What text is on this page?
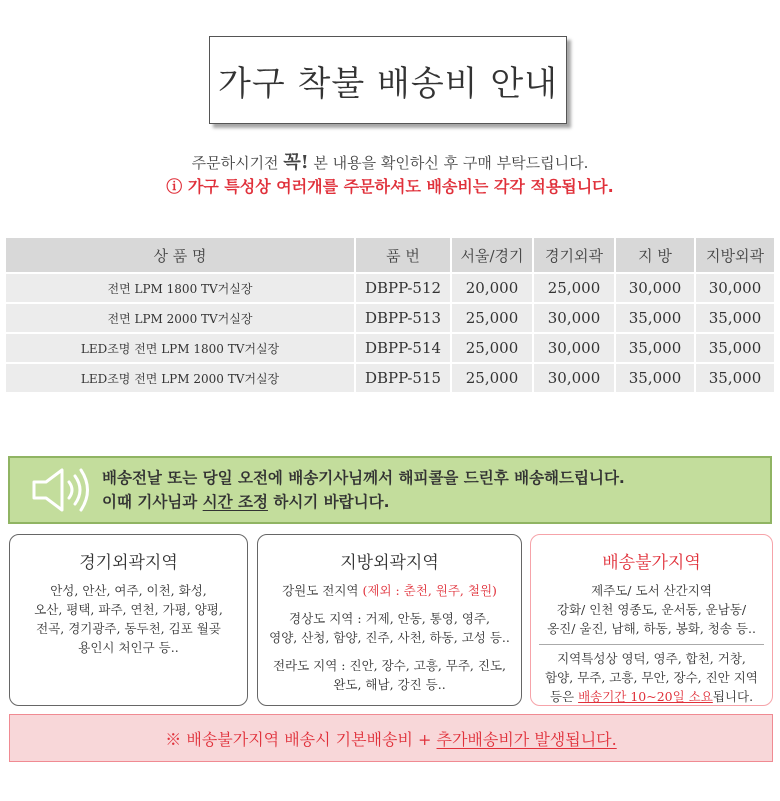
가구 착불 배송비 안내
주문하시기전 꼭! 본 내용을 확인하신 후 구매 부탁드립니다.
ⓘ 가구 특성상 여러개를 주문하셔도 배송비는 각각 적용됩니다.
상 품 명	품 번	서울/경기	경기외곽	지 방	지방외곽
전면 LPM 1800 TV거실장	DBPP-512	20,000	25,000	30,000	30,000
전면 LPM 2000 TV거실장	DBPP-513	25,000	30,000	35,000	35,000
LED조명 전면 LPM 1800 TV거실장	DBPP-514	25,000	30,000	35,000	35,000
LED조명 전면 LPM 2000 TV거실장	DBPP-515	25,000	30,000	35,000	35,000
배송전날 또는 당일 오전에 배송기사님께서 해피콜을 드린후 배송해드립니다.
이때 기사님과 시간 조정 하시기 바랍니다.
경기외곽지역

안성, 안산, 여주, 이천, 화성,

오산, 평택, 파주, 연천, 가평, 양평,

전곡, 경기광주, 동두천, 김포 월곶

용인시 처인구 등..

지방외곽지역

강원도 전지역 (제외 : 춘천, 원주, 철원)

경상도 지역 : 거제, 안동, 통영, 영주,

영양, 산청, 함양, 진주, 사천, 하동, 고성 등..

전라도 지역 : 진안, 장수, 고흥, 무주, 진도,

완도, 해남, 강진 등..

배송불가지역

제주도/ 도서 산간지역

강화/ 인천 영종도, 운서동, 운남동/

옹진/ 울진, 남해, 하동, 봉화, 청송 등..

지역특성상 영덕, 영주, 합천, 거창,

함양, 무주, 고흥, 무안, 장수, 진안 지역

등은 배송기간 10~20일 소요됩니다.

※ 배송불가지역 배송시 기본배송비 +
추가배송비가 발생됩니다.
